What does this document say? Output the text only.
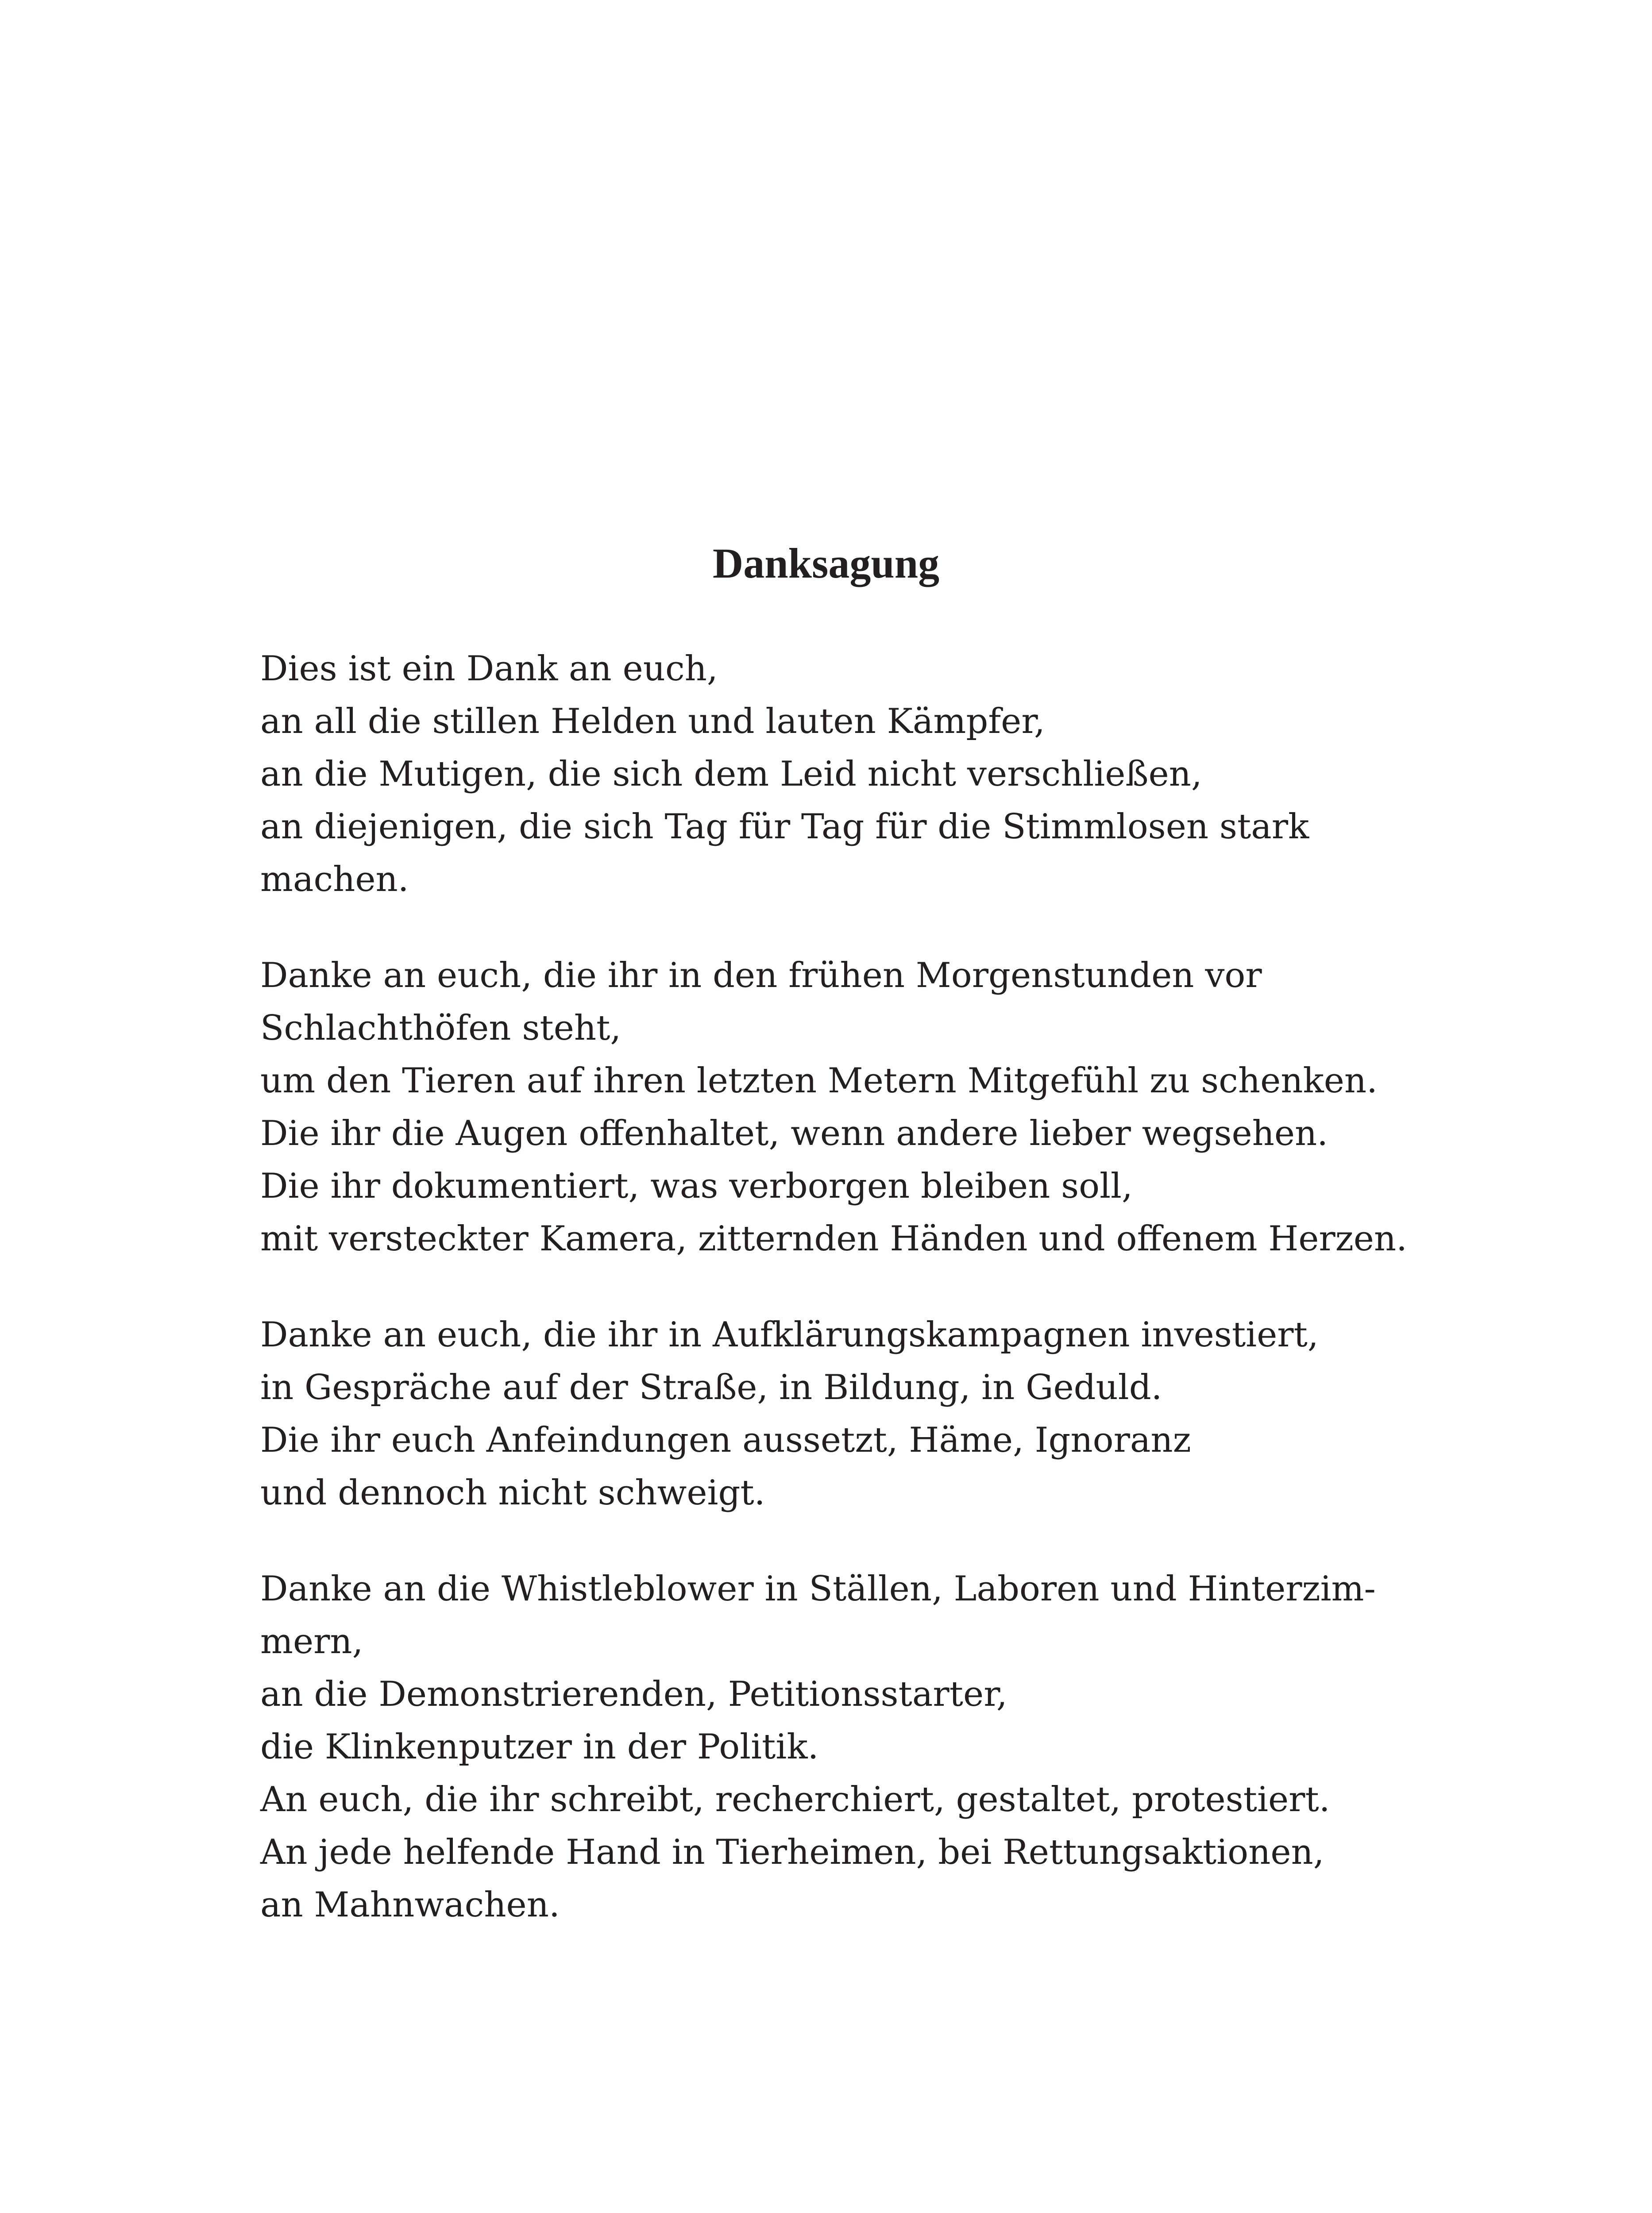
Danksagung

Dies ist ein Dank an euch,
an all die stillen Helden und lauten Kämpfer,
an die Mutigen, die sich dem Leid nicht verschließen,
an diejenigen, die sich Tag für Tag für die Stimmlosen stark
machen.

Danke an euch, die ihr in den frühen Morgenstunden vor
Schlachthöfen steht,
um den Tieren auf ihren letzten Metern Mitgefühl zu schenken.
Die ihr die Augen offenhaltet, wenn andere lieber wegsehen.
Die ihr dokumentiert, was verborgen bleiben soll,
mit versteckter Kamera, zitternden Händen und offenem Herzen.

Danke an euch, die ihr in Aufklärungskampagnen investiert,
in Gespräche auf der Straße, in Bildung, in Geduld.
Die ihr euch Anfeindungen aussetzt, Häme, Ignoranz
und dennoch nicht schweigt.

Danke an die Whistleblower in Ställen, Laboren und Hinterzim-
mern,
an die Demonstrierenden, Petitionsstarter,
die Klinkenputzer in der Politik.
An euch, die ihr schreibt, recherchiert, gestaltet, protestiert.
An jede helfende Hand in Tierheimen, bei Rettungsaktionen,
an Mahnwachen.
